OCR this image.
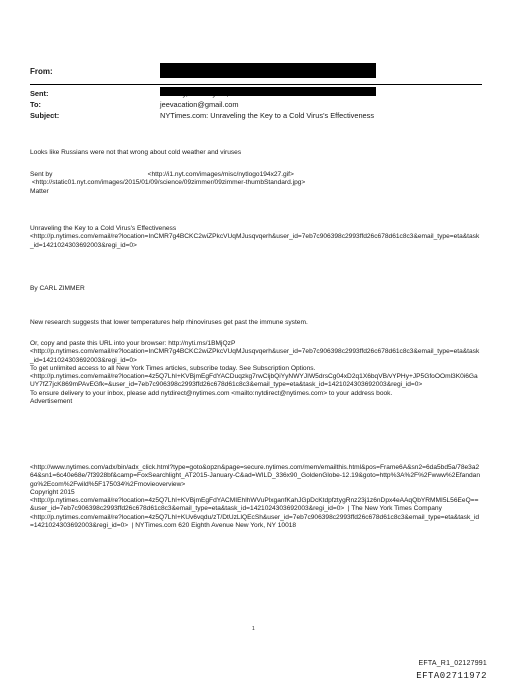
From:
Sent:
To:	jeevacation@gmail.com
Subject:	NYTimes.com: Unraveling the Key to a Cold Virus's Effectiveness
Looks like Russians were not that wrong about cold weather and viruses
Sent by                                                    <http://i1.nyt.com/images/misc/nytlogo194x27.gif>
<http://static01.nyt.com/images/2015/01/09/science/09zimmer/09zimmer-thumbStandard.jpg>
Matter
Unraveling the Key to a Cold Virus's Effectiveness
<http://p.nytimes.com/email/re?location=InCMR7g4BCKC2wiZPkcVUqMJusqvqerh&user_id=7eb7c906398c2993ffd26c678d61c8c3&email_type=eta&task_id=1421024303692003&regi_id=0>
By CARL ZIMMER
New research suggests that lower temperatures help rhinoviruses get past the immune system.
Or, copy and paste this URL into your browser: http://nyti.ms/1BMjQzP
<http://p.nytimes.com/email/re?location=InCMR7g4BCKC2wiZPkcVUqMJusqvqerh&user_id=7eb7c906398c2993ffd26c678d61c8c3&email_type=eta&task_id=1421024303692003&regi_id=0>
To get unlimited access to all New York Times articles, subscribe today. See Subscription Options.
<http://p.nytimes.com/email/re?location=4z5Q7LhI+KVBjmEgFdYACDuqzkg7rwCljbQiYyNWYJIW5drsCg04xD2q1X6bqVB/vYPHy+JP5GfoOOml3K0i6GaUY7fZ7jcK869mPAvEGfk=&user_id=7eb7c906398c2993ffd26c678d61c8c3&email_type=eta&task_id=1421024303692003&regi_id=0>
To ensure delivery to your inbox, please add nytdirect@nytimes.com <mailto:nytdirect@nytimes.com> to your address book.
Advertisement
<http://www.nytimes.com/adx/bin/adx_click.html?type=goto&opzn&page=secure.nytimes.com/mem/emailthis.html&pos=Frame6A&sn2=6da5bd5a/78e3a264&sn1=6c40e68e/7f3928bf&camp=FoxSearchlight_AT2015-January-C&ad=WILD_336x90_GoldenGlobe-12.19&goto=http%3A%2F%2Fwww%2Efandango%2Ecom%2Fwild%5F175034%2Fmovieoverview>
Copyright 2015
<http://p.nytimes.com/email/re?location=4z5Q7LhI+KVBjmEgFdYACMIEhlhWVuPlxganfKahJGpDcKtdpfztygRnz23j1z6nDpx4eAAqQbYRMMI5L56EeQ==&user_id=7eb7c906398c2993ffd26c678d61c8c3&email_type=eta&task_id=1421024303692003&regi_id=0>  | The New York Times Company
<http://p.nytimes.com/email/re?location=4z5Q7LhI+KUv6vqdu/zT/DtUzLlQEcSh&user_id=7eb7c906398c2993ffd26c678d61c8c3&email_type=eta&task_id=1421024303692003&regi_id=0>  | NYTimes.com 620 Eighth Avenue New York, NY 10018
1
EFTA_R1_02127991
EFTA02711972
